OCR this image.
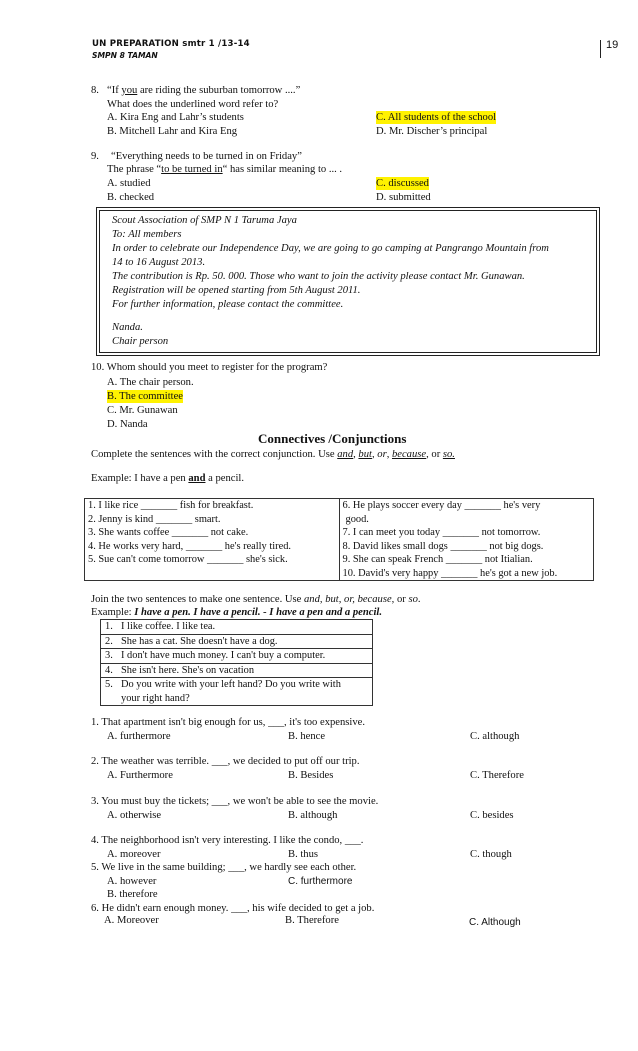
UN PREPARATION smtr 1 /13-14
SMPN 8 TAMAN
19
8. “If you are riding the suburban tomorrow ....”
What does the underlined word refer to?
A. Kira Eng and Lahr’s students
B. Mitchell Lahr and Kira Eng
C. All students of the school
D. Mr. Discher’s principal
9. “Everything needs to be turned in on Friday”
The phrase “to be turned in“ has similar meaning to ... .
A. studied
B. checked
C. discussed
D. submitted
Scout Association of SMP N 1 Taruma Jaya
To: All members
In order to celebrate our Independence Day, we are going to go camping at Pangrango Mountain from
14 to 16 August 2013.
The contribution is Rp. 50. 000. Those who want to join the activity please contact Mr. Gunawan.
Registration will be opened starting from 5th August 2011.
For further information, please contact the committee.
Nanda.
Chair person
10. Whom should you meet to register for the program?
A. The chair person.
B. The committee
C. Mr. Gunawan
D. Nanda
Connectives /Conjunctions
Complete the sentences with the correct conjunction. Use and, but, or, because, or so.
Example: I have a pen and a pencil.
1. I like rice _______ fish for breakfast.
2. Jenny is kind _______ smart.
3. She wants coffee _______ not cake.
4. He works very hard, _______ he's really tired.
5. Sue can't come tomorrow _______ she's sick.

6. He plays soccer every day _______ he's very
good.
7. I can meet you today _______ not tomorrow.
8. David likes small dogs _______ not big dogs.
9. She can speak French _______ not Itialian.
10. David's very happy _______ he's got a new job.
Join the two sentences to make one sentence. Use and, but, or, because, or so.
Example: I have a pen. I have a pencil. - I have a pen and a pencil.
1. I like coffee. I like tea.
2. She has a cat. She doesn't have a dog.
3. I don't have much money. I can't buy a computer.
4. She isn't here. She's on vacation
5. Do you write with your left hand? Do you write with
your right hand?
1. That apartment isn't big enough for us, ___, it's too expensive.
A. furthermore	B. hence	C. although
2. The weather was terrible. ___, we decided to put off our trip.
A. Furthermore	B. Besides	C. Therefore
3. You must buy the tickets; ___, we won't be able to see the movie.
A. otherwise	B. although	C. besides
4. The neighborhood isn't very interesting. I like the condo, ___.
A. moreover	B. thus	C. though
5. We live in the same building; ___, we hardly see each other.
A. however	C. furthermore
B. therefore
6. He didn't earn enough money. ___, his wife decided to get a job.
A. Moreover	B. Therefore	C. Although
